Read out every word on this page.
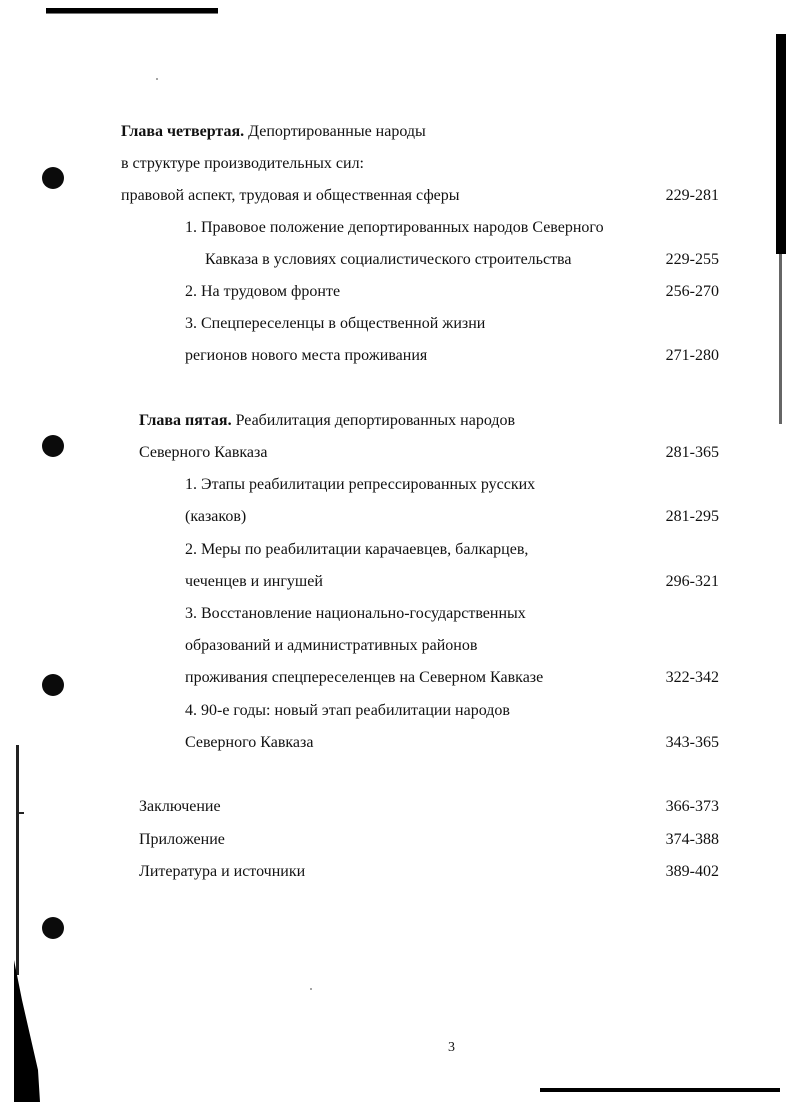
Глава четвертая. Депортированные народы
в структуре производительных сил:
правовой аспект, трудовая и общественная сферы	229-281
1. Правовое положение депортированных народов Северного
Кавказа в условиях социалистического строительства	229-255
2. На трудовом фронте	256-270
3. Спецпереселенцы в общественной жизни
регионов нового места проживания	271-280
Глава пятая. Реабилитация депортированных народов
Северного Кавказа	281-365
1. Этапы реабилитации репрессированных русских
(казаков)	281-295
2. Меры по реабилитации карачаевцев, балкарцев,
чеченцев и ингушей	296-321
3. Восстановление национально-государственных
образований и административных районов
проживания спецпереселенцев на Северном Кавказе	322-342
4. 90-е годы: новый этап реабилитации народов
Северного Кавказа	343-365
Заключение	366-373
Приложение	374-388
Литература и источники	389-402
3
